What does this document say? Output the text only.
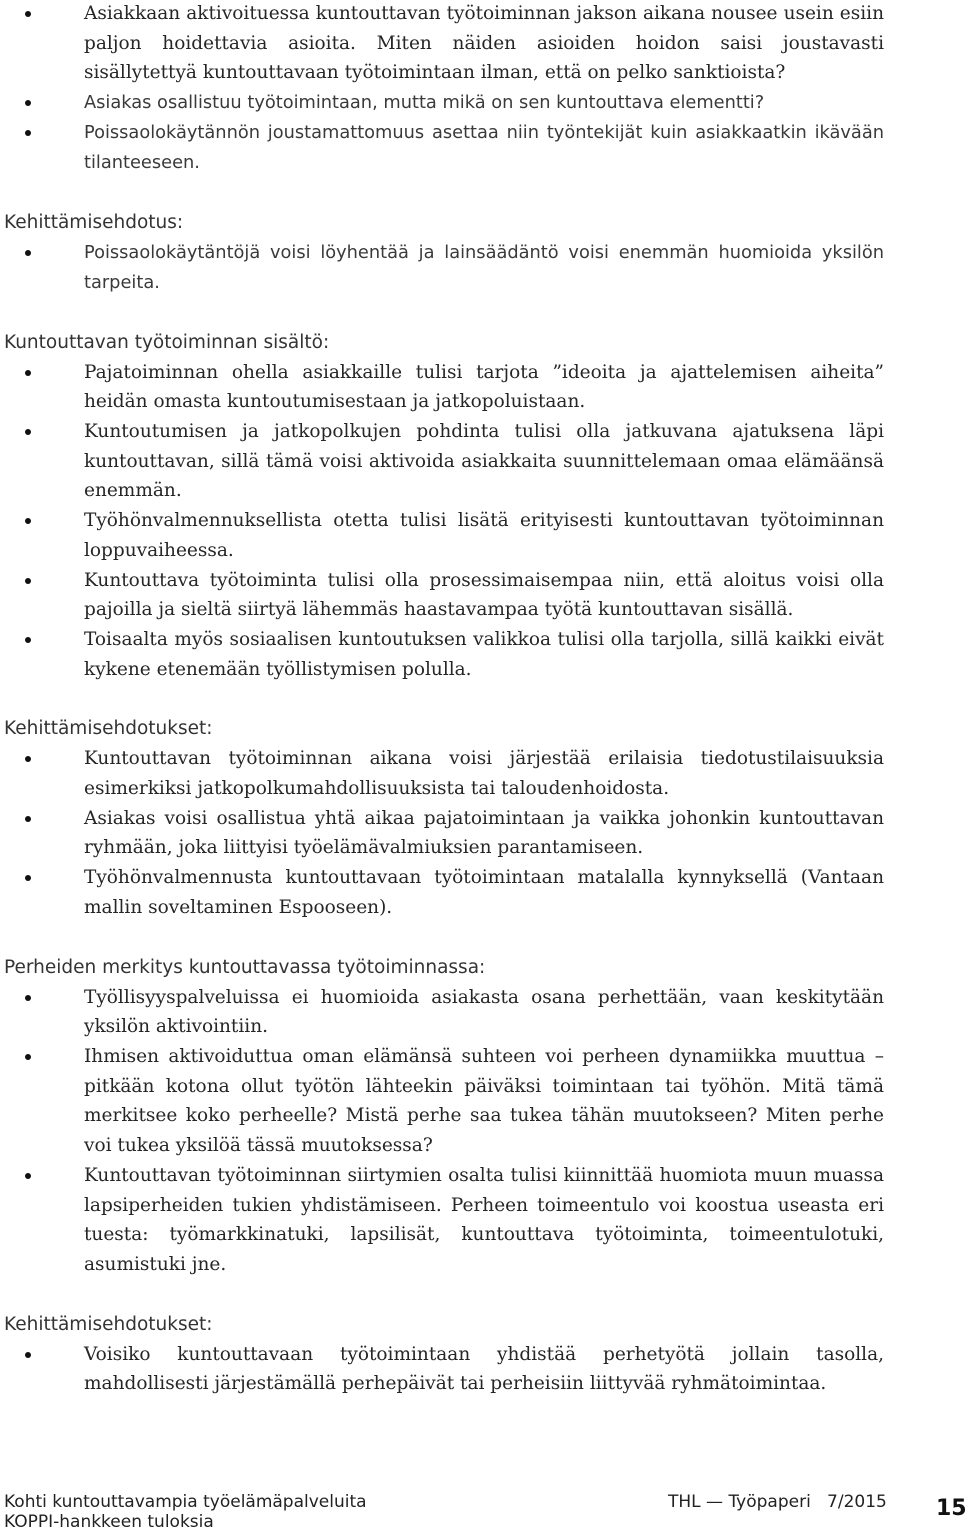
Asiakkaan aktivoituessa kuntouttavan työtoiminnan jakson aikana nousee usein esiin paljon hoidettavia asioita. Miten näiden asioiden hoidon saisi joustavasti sisällytettyä kuntouttavaan työtoimintaan ilman, että on pelko sanktioista?
Asiakas osallistuu työtoimintaan, mutta mikä on sen kuntouttava elementti?
Poissaolokäytännön joustamattomuus asettaa niin työntekijät kuin asiakkaatkin ikävään tilanteeseen.

Kehittämisehdotus:

Poissaolokäytäntöjä voisi löyhentää ja lainsäädäntö voisi enemmän huomioida yksilön tarpeita.

Kuntouttavan työtoiminnan sisältö:

Pajatoiminnan ohella asiakkaille tulisi tarjota ”ideoita ja ajattelemisen aiheita” heidän omasta kuntoutumisestaan ja jatkopoluistaan.
Kuntoutumisen ja jatkopolkujen pohdinta tulisi olla jatkuvana ajatuksena läpi kuntouttavan, sillä tämä voisi aktivoida asiakkaita suunnittelemaan omaa elämäänsä enemmän.
Työhönvalmennuksellista otetta tulisi lisätä erityisesti kuntouttavan työtoiminnan loppuvaiheessa.
Kuntouttava työtoiminta tulisi olla prosessimaisempaa niin, että aloitus voisi olla pajoilla ja sieltä siirtyä lähemmäs haastavampaa työtä kuntouttavan sisällä.
Toisaalta myös sosiaalisen kuntoutuksen valikkoa tulisi olla tarjolla, sillä kaikki eivät kykene etenemään työllistymisen polulla.

Kehittämisehdotukset:

Kuntouttavan työtoiminnan aikana voisi järjestää erilaisia tiedotustilaisuuksia esimerkiksi jatkopolkumahdollisuuksista tai taloudenhoidosta.
Asiakas voisi osallistua yhtä aikaa pajatoimintaan ja vaikka johonkin kuntouttavan ryhmään, joka liittyisi työelämävalmiuksien parantamiseen.
Työhönvalmennusta kuntouttavaan työtoimintaan matalalla kynnyksellä (Vantaan mallin soveltaminen Espooseen).

Perheiden merkitys kuntouttavassa työtoiminnassa:

Työllisyyspalveluissa ei huomioida asiakasta osana perhettään, vaan keskitytään yksilön aktivointiin.
Ihmisen aktivoiduttua oman elämänsä suhteen voi perheen dynamiikka muuttua – pitkään kotona ollut työtön lähteekin päiväksi toimintaan tai työhön. Mitä tämä merkitsee koko perheelle? Mistä perhe saa tukea tähän muutokseen? Miten perhe voi tukea yksilöä tässä muutoksessa?
Kuntouttavan työtoiminnan siirtymien osalta tulisi kiinnittää huomiota muun muassa lapsiperheiden tukien yhdistämiseen. Perheen toimeentulo voi koostua useasta eri tuesta: työmarkkinatuki, lapsilisät, kuntouttava työtoiminta, toimeentulotuki, asumistuki jne.

Kehittämisehdotukset:

Voisiko kuntouttavaan työtoimintaan yhdistää perhetyötä jollain tasolla, mahdollisesti järjestämällä perhepäivät tai perheisiin liittyvää ryhmätoimintaa.
Kohti kuntouttavampia työelämäpalveluita
KOPPI-hankkeen tuloksia
THL — Työpaperi   7/2015 15
